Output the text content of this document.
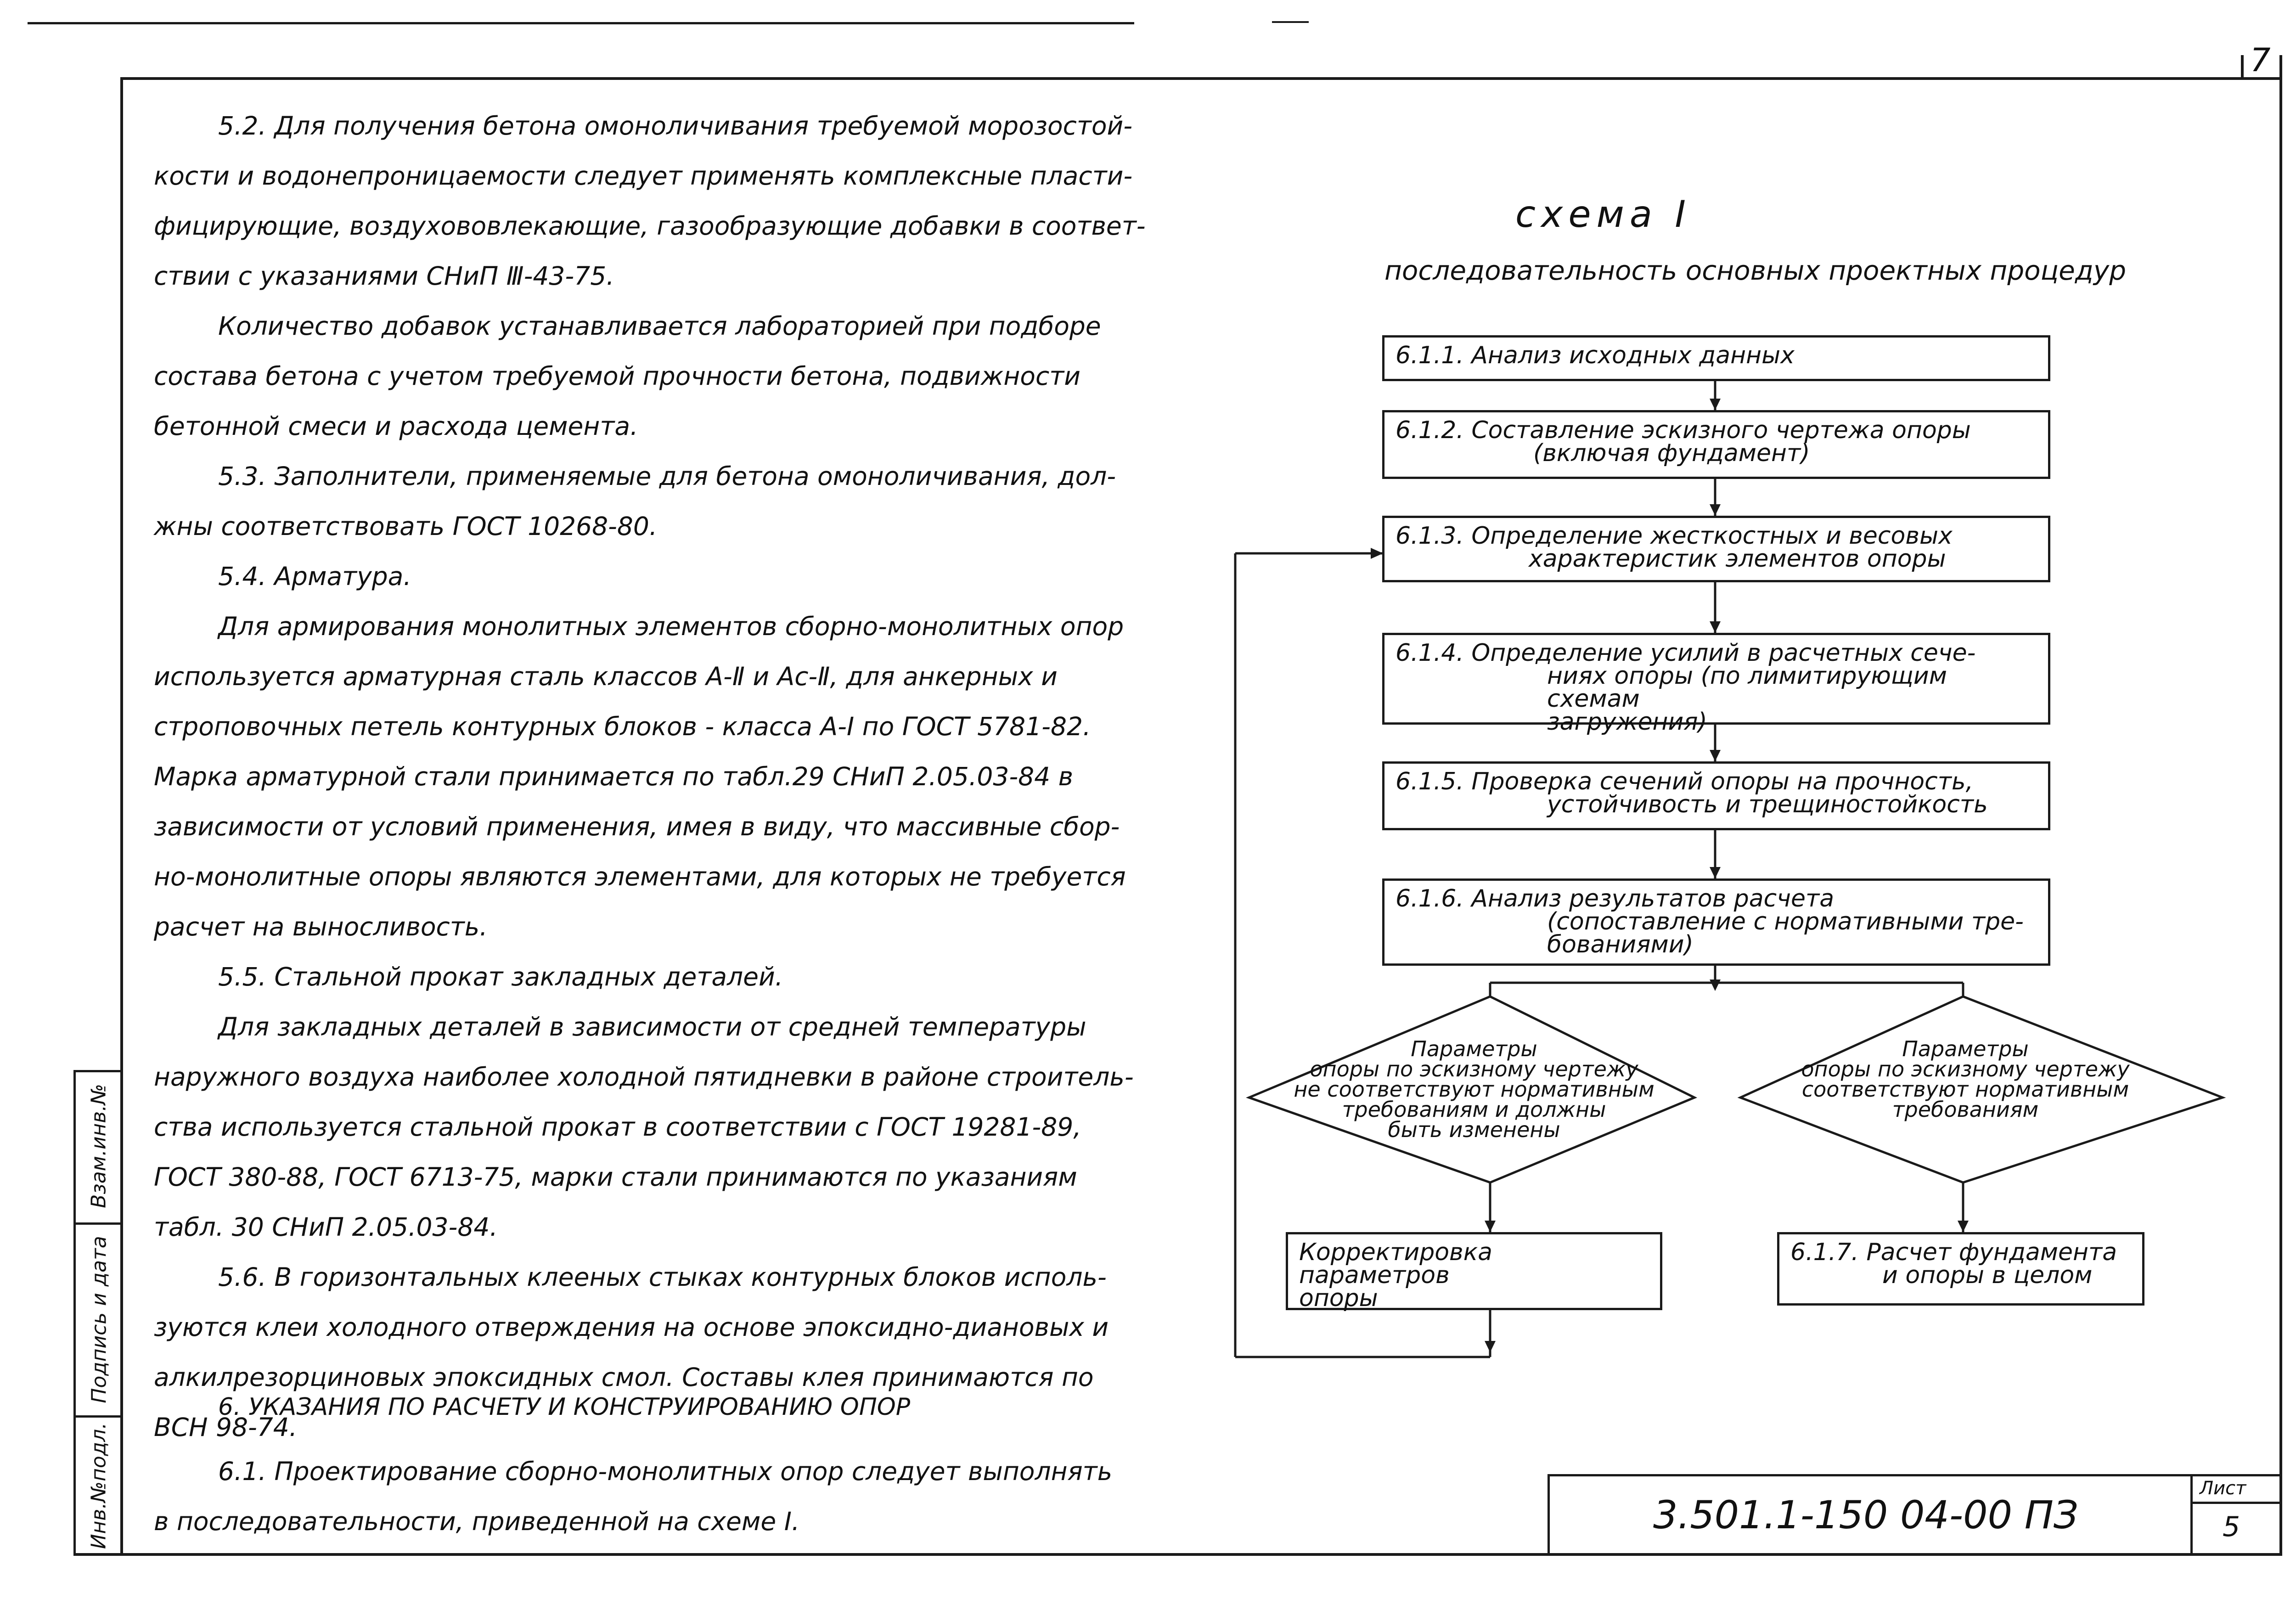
7
Взам.инв.№
Подпись и дата
Инв.№подл.
5.2. Для получения бетона омоноличивания требуемой морозостой-
кости и водонепроницаемости следует применять комплексные пласти-
фицирующие, воздухововлекающие, газообразующие добавки в соответ-
ствии с указаниями СНиП Ⅲ-43-75.
Количество добавок устанавливается лабораторией при подборе
состава бетона с учетом требуемой прочности бетона, подвижности
бетонной смеси и расхода цемента.
5.3. Заполнители, применяемые для бетона омоноличивания, дол-
жны соответствовать ГОСТ 10268-80.
5.4. Арматура.
Для армирования монолитных элементов сборно-монолитных опор
используется арматурная сталь классов А-Ⅱ и Ас-Ⅱ, для анкерных и
строповочных петель контурных блоков - класса А-I по ГОСТ 5781-82.
Марка арматурной стали принимается по табл.29 СНиП 2.05.03-84 в
зависимости от условий применения, имея в виду, что массивные сбор-
но-монолитные опоры являются элементами, для которых не требуется
расчет на выносливость.
5.5. Стальной прокат закладных деталей.
Для закладных деталей в зависимости от средней температуры
наружного воздуха наиболее холодной пятидневки в районе строитель-
ства используется стальной прокат в соответствии с ГОСТ 19281-89,
ГОСТ 380-88, ГОСТ 6713-75, марки стали принимаются по указаниям
табл. 30 СНиП 2.05.03-84.
5.6. В горизонтальных клееных стыках контурных блоков исполь-
зуются клеи холодного отверждения на основе эпоксидно-диановых и
алкилрезорциновых эпоксидных смол. Составы клея принимаются по
ВСН 98-74.
6. УКАЗАНИЯ ПО РАСЧЕТУ И КОНСТРУИРОВАНИЮ ОПОР
6.1. Проектирование сборно-монолитных опор следует выполнять
в последовательности, приведенной на схеме Ⅰ.
схема Ⅰ
последовательность основных проектных процедур
6.1.1. Анализ исходных данных
6.1.2. Составление эскизного чертежа опоры
(включая фундамент)
6.1.3. Определение жесткостных и весовых
характеристик элементов опоры
6.1.4. Определение усилий в расчетных сече-
ниях опоры (по лимитирующим схемам
загружения)
6.1.5. Проверка сечений опоры на прочность,
устойчивость и трещиностойкость
6.1.6. Анализ результатов расчета
(сопоставление с нормативными тре-
бованиями)
Параметры
опоры по эскизному чертежу
не соответствуют нормативным
требованиям и должны
быть изменены
Параметры
опоры по эскизному чертежу
соответствуют нормативным
требованиям
Корректировка параметров
опоры
6.1.7. Расчет фундамента
и опоры в целом
3.501.1-150 04-00 ПЗ
Лист
5
